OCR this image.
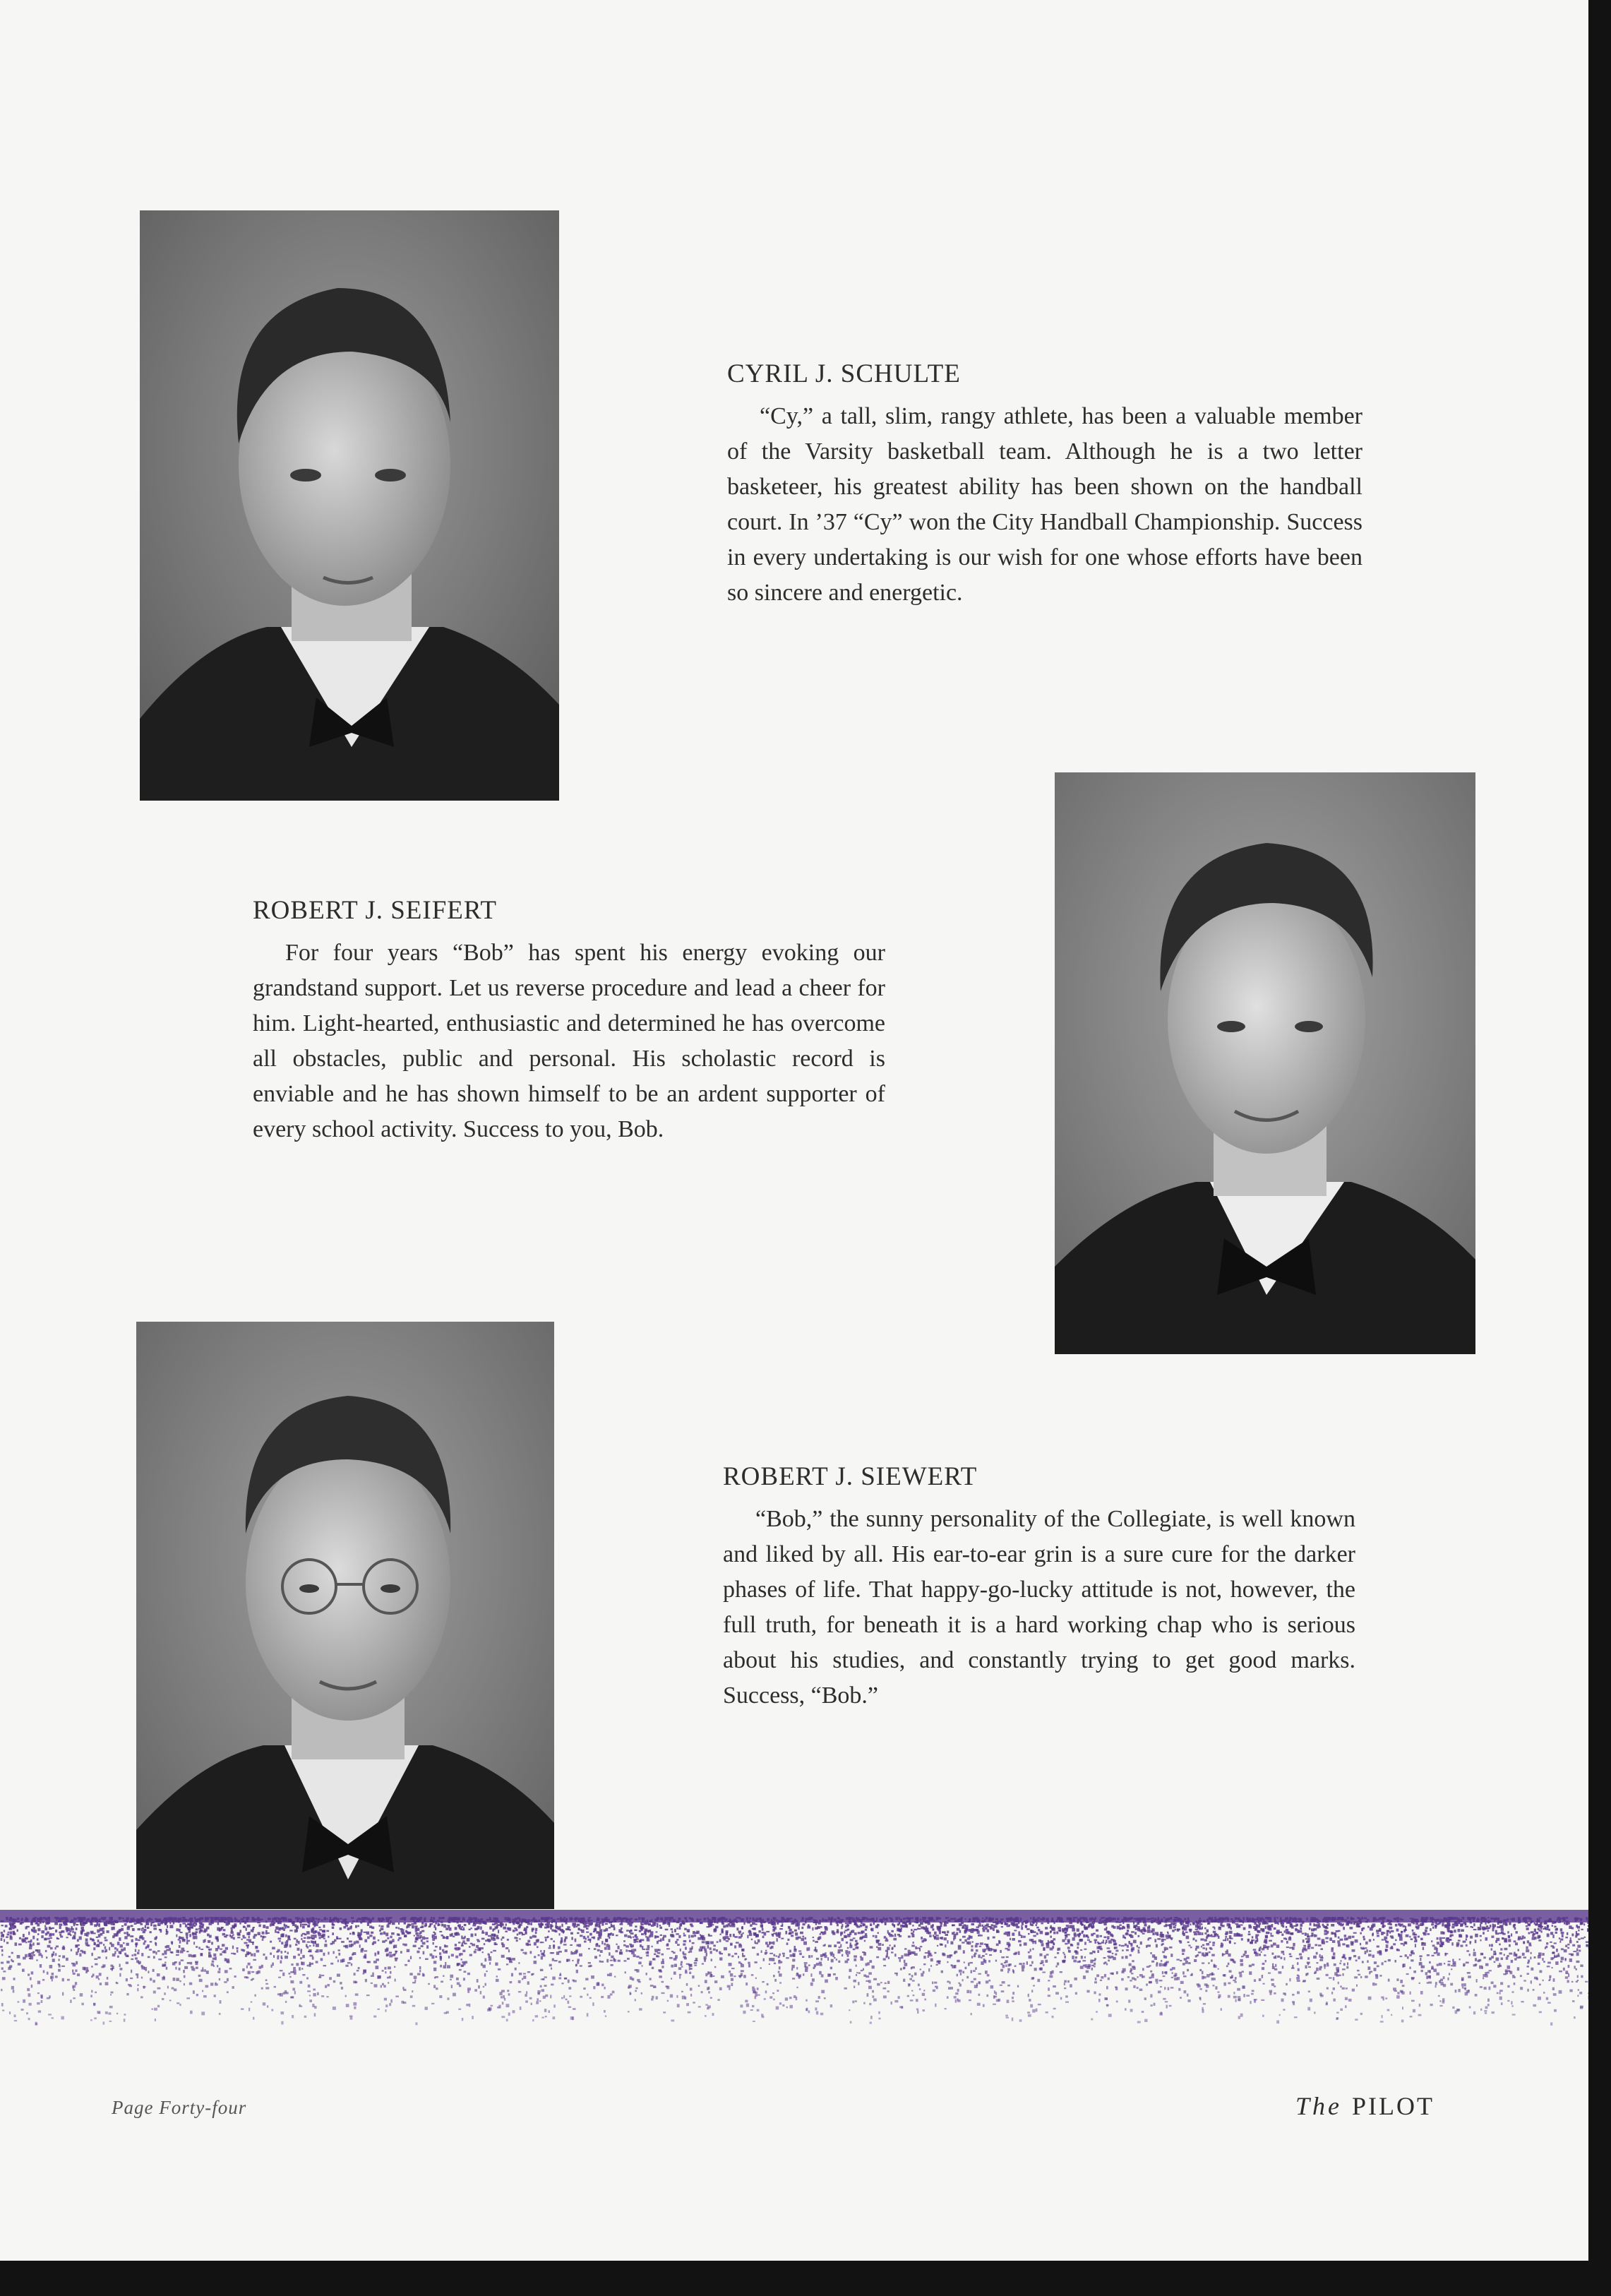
CYRIL J. SCHULTE

“Cy,” a tall, slim, rangy athlete, has been a valuable member of the Varsity basketball team. Although he is a two letter basketeer, his greatest ability has been shown on the handball court. In ’37 “Cy” won the City Handball Championship. Success in every undertaking is our wish for one whose efforts have been so sincere and energetic.

ROBERT J. SEIFERT

For four years “Bob” has spent his energy evoking our grandstand support. Let us reverse procedure and lead a cheer for him. Light-hearted, enthusiastic and determined he has overcome all obstacles, public and personal. His scholastic record is enviable and he has shown himself to be an ardent supporter of every school activity. Success to you, Bob.

ROBERT J. SIEWERT

“Bob,” the sunny personality of the Collegiate, is well known and liked by all. His ear-to-ear grin is a sure cure for the darker phases of life. That happy-go-lucky attitude is not, however, the full truth, for beneath it is a hard working chap who is serious about his studies, and constantly trying to get good marks. Success, “Bob.”

Page Forty-four	The PILOT
